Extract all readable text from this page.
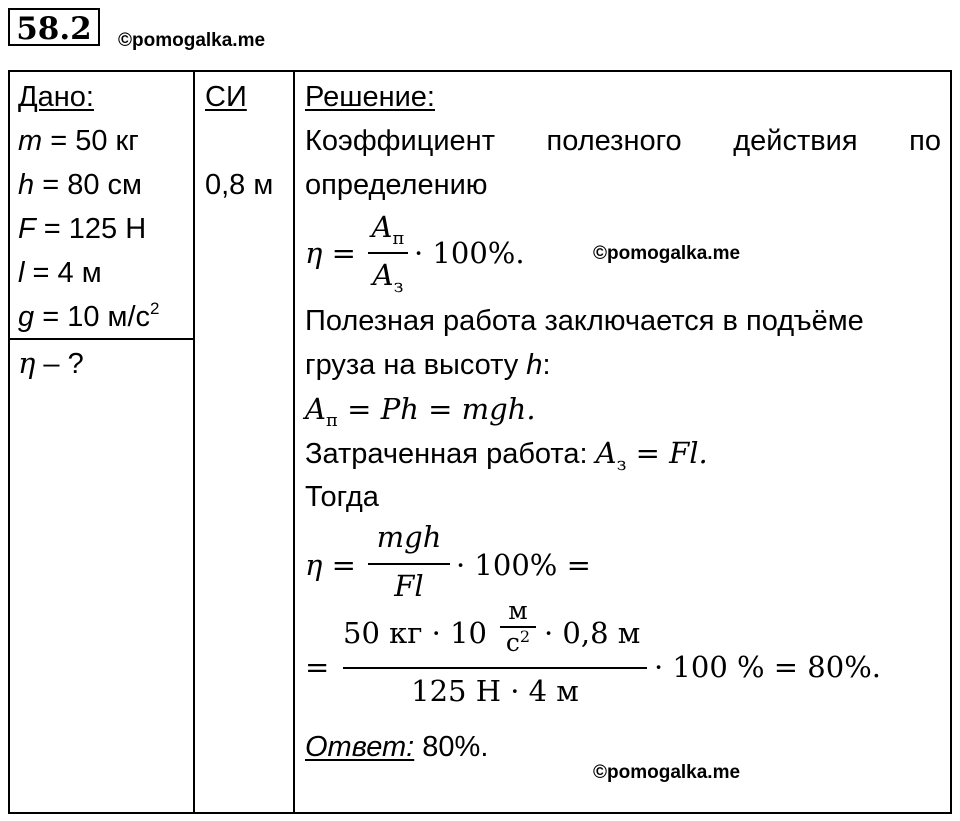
58.2	©pomogalka.me
Дано:
m = 50 кг
h = 80 см
F = 125 Н
l = 4 м
g = 10 $м/с^2$
η – ?
СИ
0,8 м
Решение:
Коэффициент полезного действия по
определению
η =
$A_п$
$A_з$
· 100%.	©pomogalka.me
Полезная работа заключается в подъёме
груза на высоту h:
$A_п = Ph$ = mgh.
Затраченная работа: $A_з = Fl$.
Тогда
η =
mgh
Fl
· 100% =
=
50 кг · 10
м
$с^2 \cdot 0,8$ м
125 Н · 4 м
· 100 % = 80%.
Ответ: 80%.
©pomogalka.me
